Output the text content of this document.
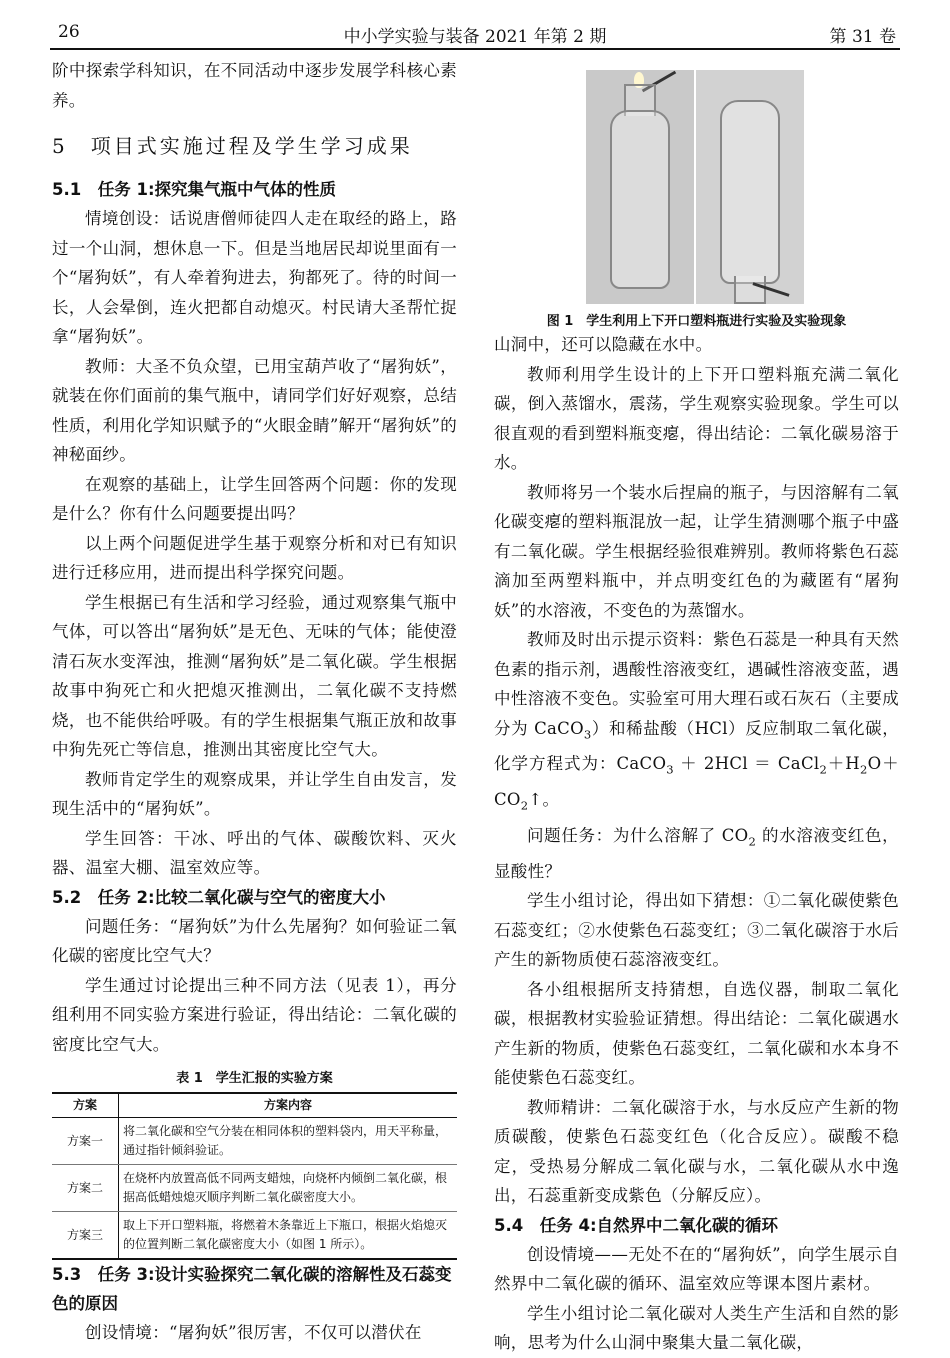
26	中小学实验与装备 2021 年第 2 期	第 31 卷

阶中探索学科知识，在不同活动中逐步发展学科核心素养。

5　项目式实施过程及学生学习成果
5.1　任务 1:探究集气瓶中气体的性质

情境创设：话说唐僧师徒四人走在取经的路上，路过一个山洞，想休息一下。但是当地居民却说里面有一个“屠狗妖”，有人牵着狗进去，狗都死了。待的时间一长，人会晕倒，连火把都自动熄灭。村民请大圣帮忙捉拿“屠狗妖”。

教师：大圣不负众望，已用宝葫芦收了“屠狗妖”，就装在你们面前的集气瓶中，请同学们好好观察，总结性质，利用化学知识赋予的“火眼金睛”解开“屠狗妖”的神秘面纱。

在观察的基础上，让学生回答两个问题：你的发现是什么？你有什么问题要提出吗？

以上两个问题促进学生基于观察分析和对已有知识进行迁移应用，进而提出科学探究问题。

学生根据已有生活和学习经验，通过观察集气瓶中气体，可以答出“屠狗妖”是无色、无味的气体；能使澄清石灰水变浑浊，推测“屠狗妖”是二氧化碳。学生根据故事中狗死亡和火把熄灭推测出，二氧化碳不支持燃烧，也不能供给呼吸。有的学生根据集气瓶正放和故事中狗先死亡等信息，推测出其密度比空气大。

教师肯定学生的观察成果，并让学生自由发言，发现生活中的“屠狗妖”。

学生回答：干冰、呼出的气体、碳酸饮料、灭火器、温室大棚、温室效应等。

5.2　任务 2:比较二氧化碳与空气的密度大小

问题任务：“屠狗妖”为什么先屠狗？如何验证二氧化碳的密度比空气大？

学生通过讨论提出三种不同方法（见表 1），再分组利用不同实验方案进行验证，得出结论：二氧化碳的密度比空气大。

表 1　学生汇报的实验方案
方案	方案内容
方案一	将二氧化碳和空气分装在相同体积的塑料袋内，用天平称量，通过指针倾斜验证。
方案二	在烧杯内放置高低不同两支蜡烛，向烧杯内倾倒二氧化碳，根据高低蜡烛熄灭顺序判断二氧化碳密度大小。
方案三	取上下开口塑料瓶，将燃着木条靠近上下瓶口，根据火焰熄灭的位置判断二氧化碳密度大小（如图 1 所示）。
5.3　任务 3:设计实验探究二氧化碳的溶解性及石蕊变色的原因

创设情境：“屠狗妖”很厉害，不仅可以潜伏在

图 1　学生利用上下开口塑料瓶进行实验及实验现象

山洞中，还可以隐藏在水中。

教师利用学生设计的上下开口塑料瓶充满二氧化碳，倒入蒸馏水，震荡，学生观察实验现象。学生可以很直观的看到塑料瓶变瘪，得出结论：二氧化碳易溶于水。

教师将另一个装水后捏扁的瓶子，与因溶解有二氧化碳变瘪的塑料瓶混放一起，让学生猜测哪个瓶子中盛有二氧化碳。学生根据经验很难辨别。教师将紫色石蕊滴加至两塑料瓶中，并点明变红色的为藏匿有“屠狗妖”的水溶液，不变色的为蒸馏水。

教师及时出示提示资料：紫色石蕊是一种具有天然色素的指示剂，遇酸性溶液变红，遇碱性溶液变蓝，遇中性溶液不变色。实验室可用大理石或石灰石（主要成分为 CaCO$_3$）和稀盐酸（HCl）反应制取二氧化碳，化学方程式为：CaCO$_3$ ＋ $2HCl = CaCl_2+H_2O+CO_2↑$。

问题任务：为什么溶解了 $CO_2$ 的水溶液变红色，显酸性？

学生小组讨论，得出如下猜想：①二氧化碳使紫色石蕊变红；②水使紫色石蕊变红；③二氧化碳溶于水后产生的新物质使石蕊溶液变红。

各小组根据所支持猜想，自选仪器，制取二氧化碳，根据教材实验验证猜想。得出结论：二氧化碳遇水产生新的物质，使紫色石蕊变红，二氧化碳和水本身不能使紫色石蕊变红。

教师精讲：二氧化碳溶于水，与水反应产生新的物质碳酸，使紫色石蕊变红色（化合反应）。碳酸不稳定，受热易分解成二氧化碳与水，二氧化碳从水中逸出，石蕊重新变成紫色（分解反应）。

5.4　任务 4:自然界中二氧化碳的循环

创设情境——无处不在的“屠狗妖”，向学生展示自然界中二氧化碳的循环、温室效应等课本图片素材。

学生小组讨论二氧化碳对人类生产生活和自然的影响，思考为什么山洞中聚集大量二氧化碳，
